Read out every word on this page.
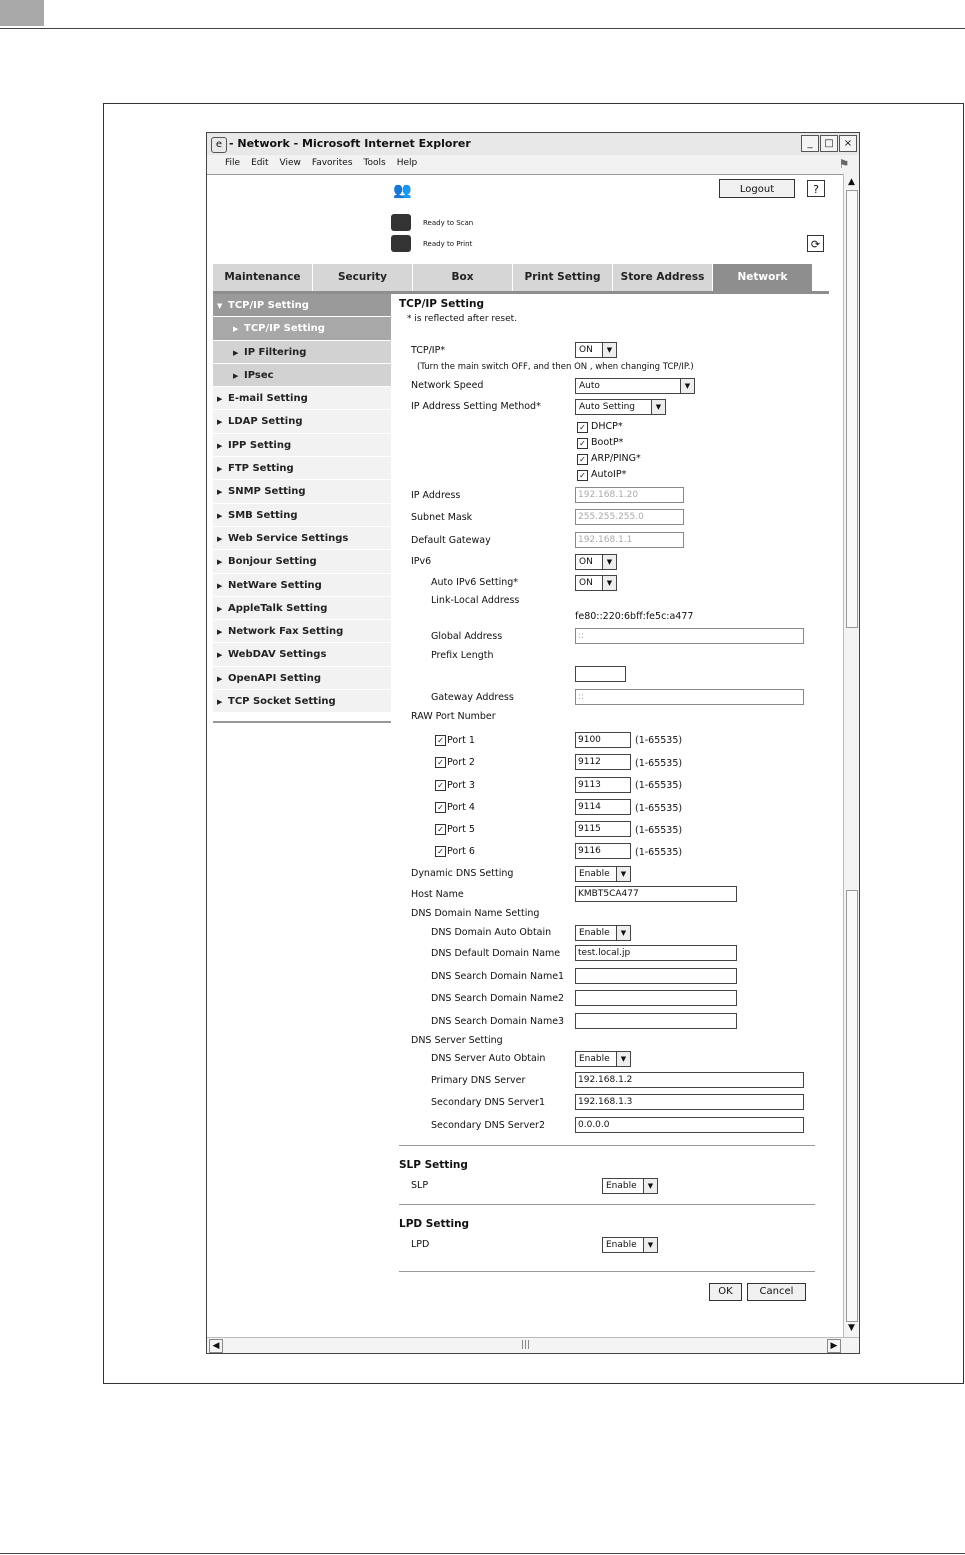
e - Network - Microsoft Internet Explorer	_	□	×
File Edit View Favorites Tools Help	⚑
👥	Logout	?
Ready to Scan
Ready to Print	⟳
Maintenance	Security	Box	Print Setting	Store Address	Network
▼ TCP/IP Setting
▶ TCP/IP Setting
▶ IP Filtering
▶ IPsec
▶ E-mail Setting
▶ LDAP Setting
▶ IPP Setting
▶ FTP Setting
▶ SNMP Setting
▶ SMB Setting
▶ Web Service Settings
▶ Bonjour Setting
▶ NetWare Setting
▶ AppleTalk Setting
▶ Network Fax Setting
▶ WebDAV Settings
▶ OpenAPI Setting
▶ TCP Socket Setting
TCP/IP Setting
* is reflected after reset.
TCP/IP*	ON	▼
(Turn the main switch OFF, and then ON , when changing TCP/IP.)
Network Speed	Auto	▼
IP Address Setting Method*	Auto Setting	▼
✓ DHCP*
✓ BootP*
✓ ARP/PING*
✓ AutoIP*
IP Address	192.168.1.20
Subnet Mask	255.255.255.0
Default Gateway	192.168.1.1
IPv6	ON	▼
Auto IPv6 Setting*	ON	▼
Link-Local Address
fe80::220:6bff:fe5c:a477
Global Address	::
Prefix Length
Gateway Address	::
RAW Port Number
✓ Port 1	9100	(1-65535)
✓ Port 2	9112	(1-65535)
✓ Port 3	9113	(1-65535)
✓ Port 4	9114	(1-65535)
✓ Port 5	9115	(1-65535)
✓ Port 6	9116	(1-65535)
Dynamic DNS Setting	Enable	▼
Host Name	KMBT5CA477
DNS Domain Name Setting
DNS Domain Auto Obtain	Enable	▼
DNS Default Domain Name	test.local.jp
DNS Search Domain Name1
DNS Search Domain Name2
DNS Search Domain Name3
DNS Server Setting
DNS Server Auto Obtain	Enable	▼
Primary DNS Server	192.168.1.2
Secondary DNS Server1	192.168.1.3
Secondary DNS Server2	0.0.0.0
SLP Setting
SLP	Enable	▼
LPD Setting
LPD	Enable	▼
OK	Cancel
▲
▼
◀	|||	▶
